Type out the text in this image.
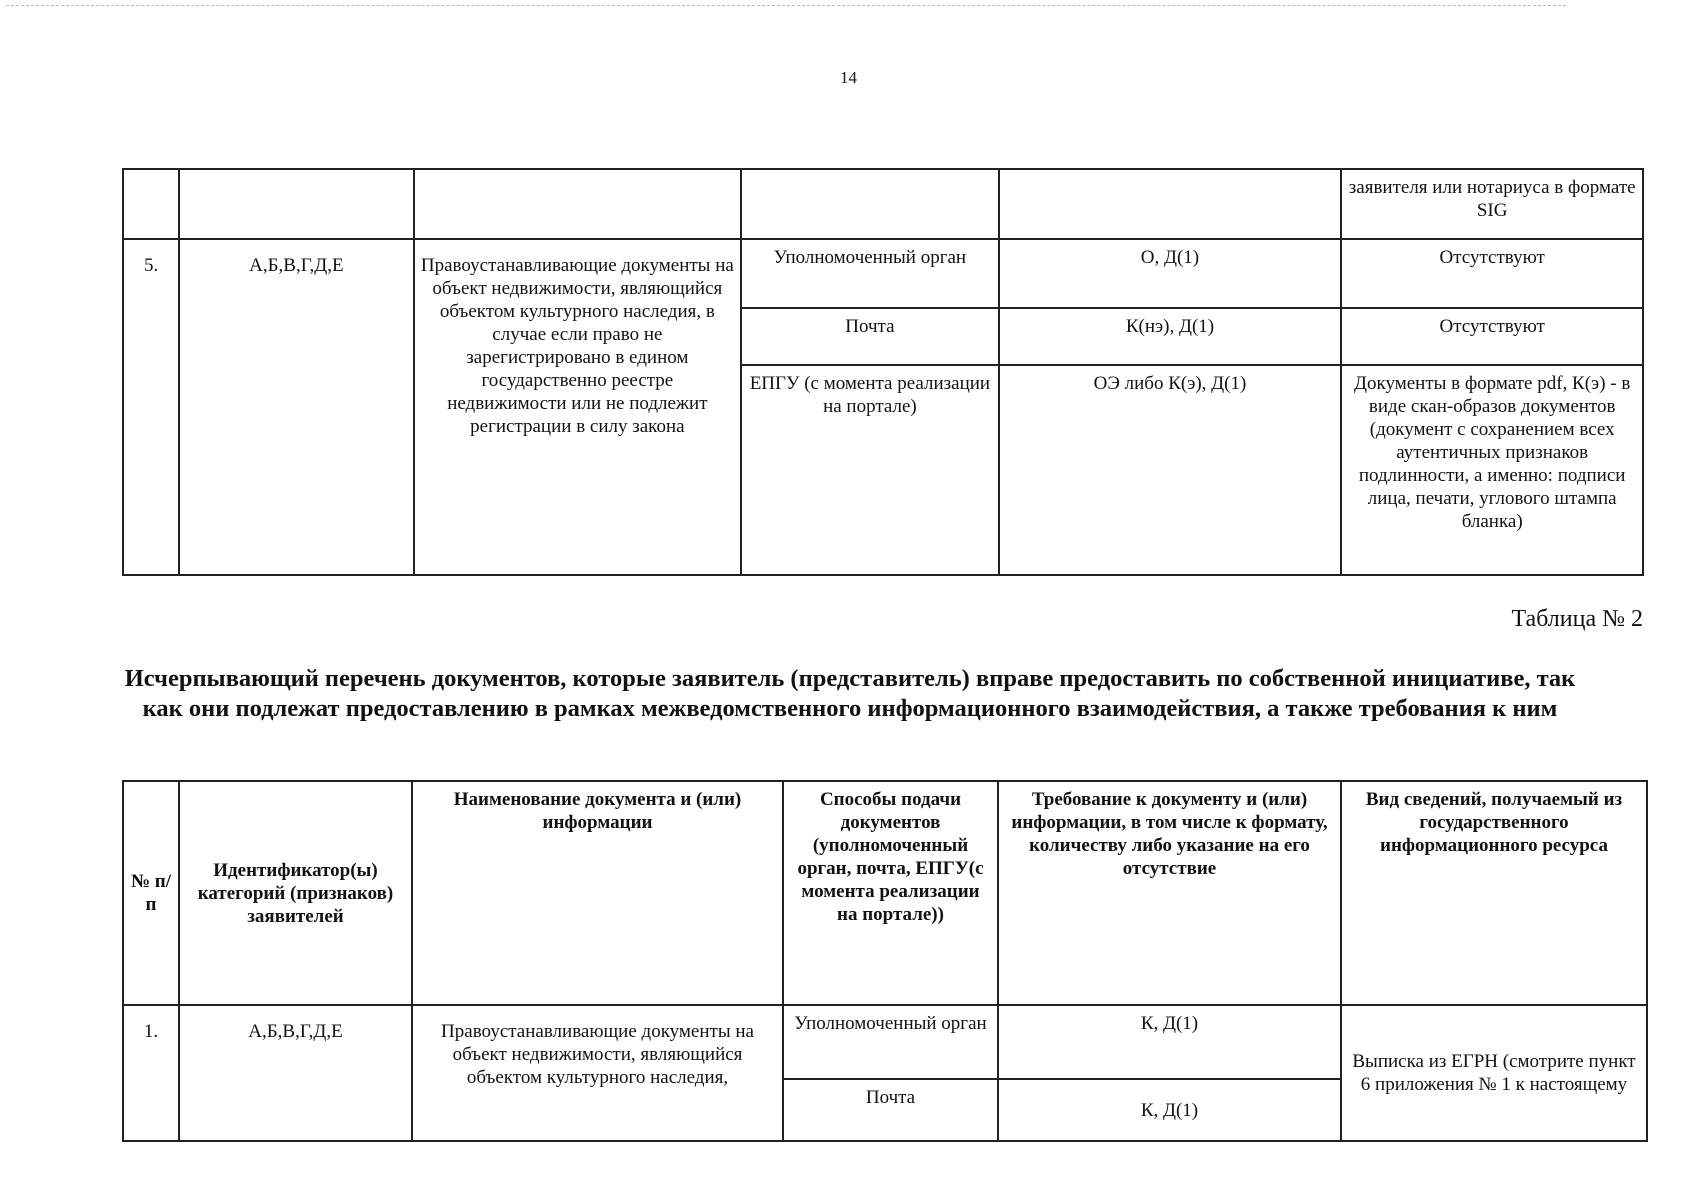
14
					заявителя или нотариуса в формате SIG
5.	А,Б,В,Г,Д,Е	Правоустанавливающие документы на объект недвижимости, являющийся объектом культурного наследия, в случае если право не зарегистрировано в едином государственно реестре недвижимости или не подлежит регистрации в силу закона	Уполномоченный орган	О, Д(1)	Отсутствуют
			Почта	К(нэ), Д(1)	Отсутствуют
			ЕПГУ (с момента реализации на портале)	ОЭ либо К(э), Д(1)	Документы в формате pdf, К(э) - в виде скан-образов документов (документ с сохранением всех аутентичных признаков подлинности, а именно: подписи лица, печати, углового штампа бланка)
Таблица № 2
Исчерпывающий перечень документов, которые заявитель (представитель) вправе предоставить по собственной инициативе, так как они подлежат предоставлению в рамках межведомственного информационного взаимодействия, а также требования к ним
№ п/п	Идентификатор(ы) категорий (признаков) заявителей	Наименование документа и (или) информации	Способы подачи документов (уполномоченный орган, почта, ЕПГУ(с момента реализации на портале))	Требование к документу и (или) информации, в том числе к формату, количеству либо указание на его отсутствие	Вид сведений, получаемый из государственного информационного ресурса
1.	А,Б,В,Г,Д,Е	Правоустанавливающие документы на объект недвижимости, являющийся объектом культурного наследия,	Уполномоченный орган	К, Д(1)	Выписка из ЕГРН (смотрите пункт 6 приложения № 1 к настоящему
			Почта	К, Д(1)	
